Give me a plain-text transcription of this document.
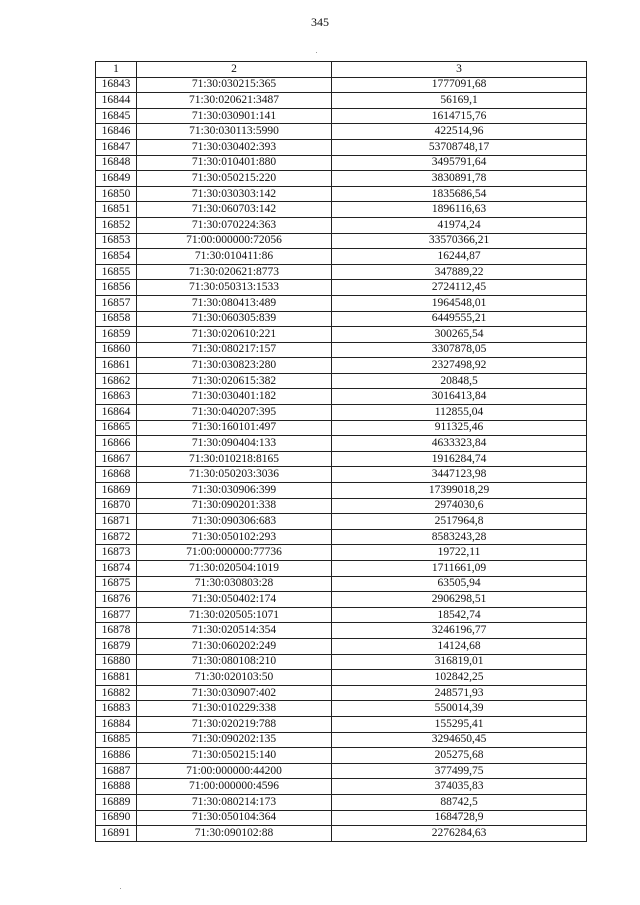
345
1	2	3
16843	71:30:030215:365	1777091,68
16844	71:30:020621:3487	56169,1
16845	71:30:030901:141	1614715,76
16846	71:30:030113:5990	422514,96
16847	71:30:030402:393	53708748,17
16848	71:30:010401:880	3495791,64
16849	71:30:050215:220	3830891,78
16850	71:30:030303:142	1835686,54
16851	71:30:060703:142	1896116,63
16852	71:30:070224:363	41974,24
16853	71:00:000000:72056	33570366,21
16854	71:30:010411:86	16244,87
16855	71:30:020621:8773	347889,22
16856	71:30:050313:1533	2724112,45
16857	71:30:080413:489	1964548,01
16858	71:30:060305:839	6449555,21
16859	71:30:020610:221	300265,54
16860	71:30:080217:157	3307878,05
16861	71:30:030823:280	2327498,92
16862	71:30:020615:382	20848,5
16863	71:30:030401:182	3016413,84
16864	71:30:040207:395	112855,04
16865	71:30:160101:497	911325,46
16866	71:30:090404:133	4633323,84
16867	71:30:010218:8165	1916284,74
16868	71:30:050203:3036	3447123,98
16869	71:30:030906:399	17399018,29
16870	71:30:090201:338	2974030,6
16871	71:30:090306:683	2517964,8
16872	71:30:050102:293	8583243,28
16873	71:00:000000:77736	19722,11
16874	71:30:020504:1019	1711661,09
16875	71:30:030803:28	63505,94
16876	71:30:050402:174	2906298,51
16877	71:30:020505:1071	18542,74
16878	71:30:020514:354	3246196,77
16879	71:30:060202:249	14124,68
16880	71:30:080108:210	316819,01
16881	71:30:020103:50	102842,25
16882	71:30:030907:402	248571,93
16883	71:30:010229:338	550014,39
16884	71:30:020219:788	155295,41
16885	71:30:090202:135	3294650,45
16886	71:30:050215:140	205275,68
16887	71:00:000000:44200	377499,75
16888	71:00:000000:4596	374035,83
16889	71:30:080214:173	88742,5
16890	71:30:050104:364	1684728,9
16891	71:30:090102:88	2276284,63
